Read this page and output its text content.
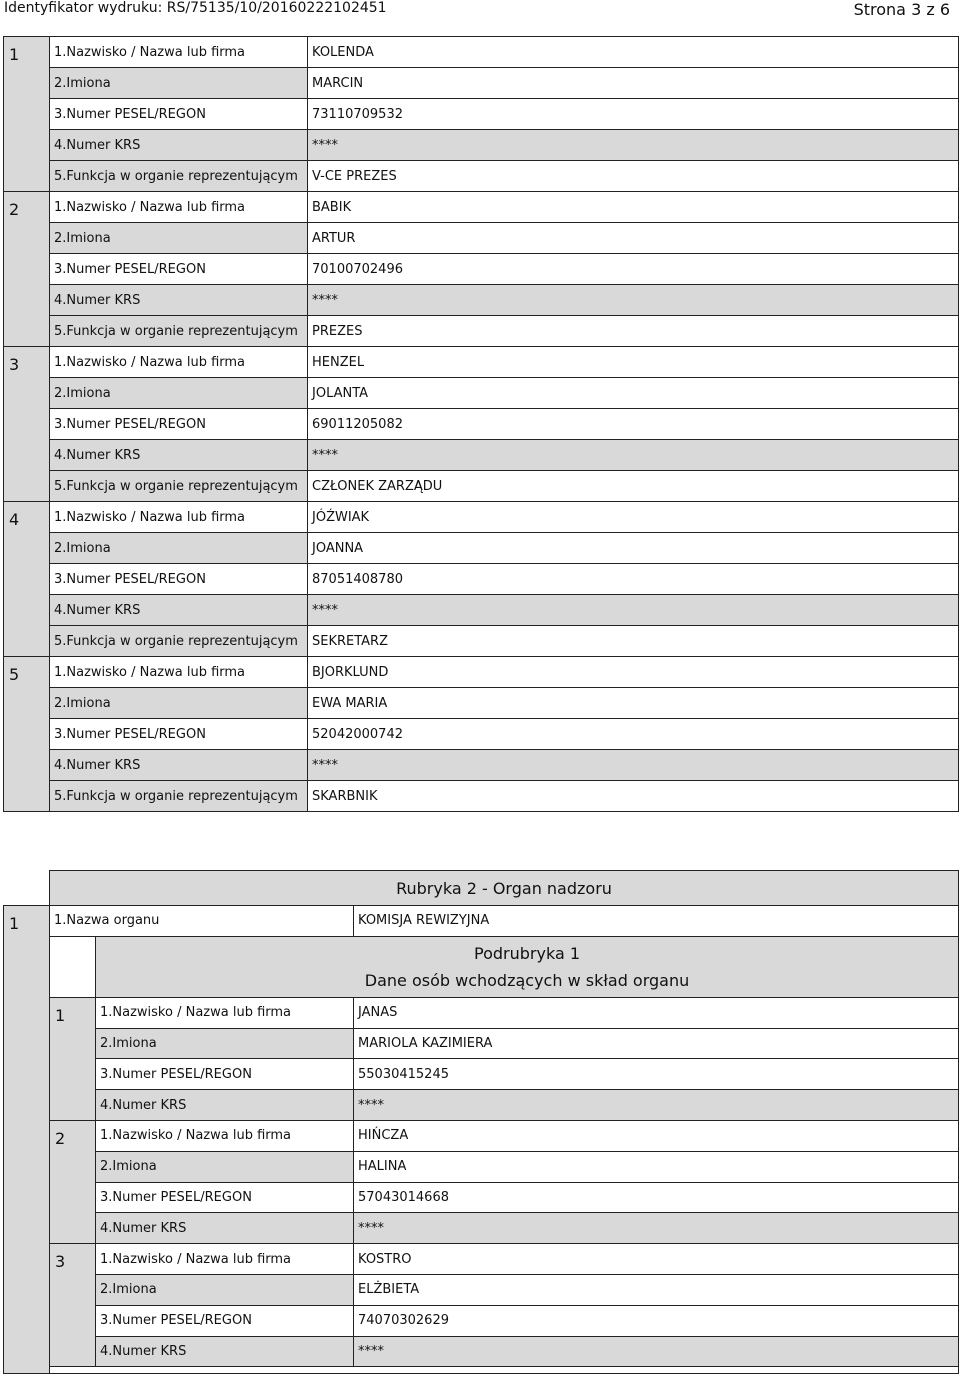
Identyfikator wydruku: RS/75135/10/20160222102451	Strona 3 z 6
1	1.Nazwisko / Nazwa lub firma	KOLENDA
	2.Imiona	MARCIN
	3.Numer PESEL/REGON	73110709532
	4.Numer KRS	****
	5.Funkcja w organie reprezentującym	V-CE PREZES
2	1.Nazwisko / Nazwa lub firma	BABIK
	2.Imiona	ARTUR
	3.Numer PESEL/REGON	70100702496
	4.Numer KRS	****
	5.Funkcja w organie reprezentującym	PREZES
3	1.Nazwisko / Nazwa lub firma	HENZEL
	2.Imiona	JOLANTA
	3.Numer PESEL/REGON	69011205082
	4.Numer KRS	****
	5.Funkcja w organie reprezentującym	CZŁONEK ZARZĄDU
4	1.Nazwisko / Nazwa lub firma	JÓŹWIAK
	2.Imiona	JOANNA
	3.Numer PESEL/REGON	87051408780
	4.Numer KRS	****
	5.Funkcja w organie reprezentującym	SEKRETARZ
5	1.Nazwisko / Nazwa lub firma	BJORKLUND
	2.Imiona	EWA MARIA
	3.Numer PESEL/REGON	52042000742
	4.Numer KRS	****
	5.Funkcja w organie reprezentującym	SKARBNIK
	Rubryka 2 - Organ nadzoru		
1	1.Nazwa organu		KOMISJA REWIZYJNA

		Podrubryka 1
Dane osób wchodzących w skład organu	

	1	1.Nazwisko / Nazwa lub firma	JANAS
		2.Imiona	MARIOLA KAZIMIERA
		3.Numer PESEL/REGON	55030415245
		4.Numer KRS	****
	2	1.Nazwisko / Nazwa lub firma	HIŃCZA
		2.Imiona	HALINA
		3.Numer PESEL/REGON	57043014668
		4.Numer KRS	****
	3	1.Nazwisko / Nazwa lub firma	KOSTRO
		2.Imiona	ELŻBIETA
		3.Numer PESEL/REGON	74070302629
		4.Numer KRS	****
